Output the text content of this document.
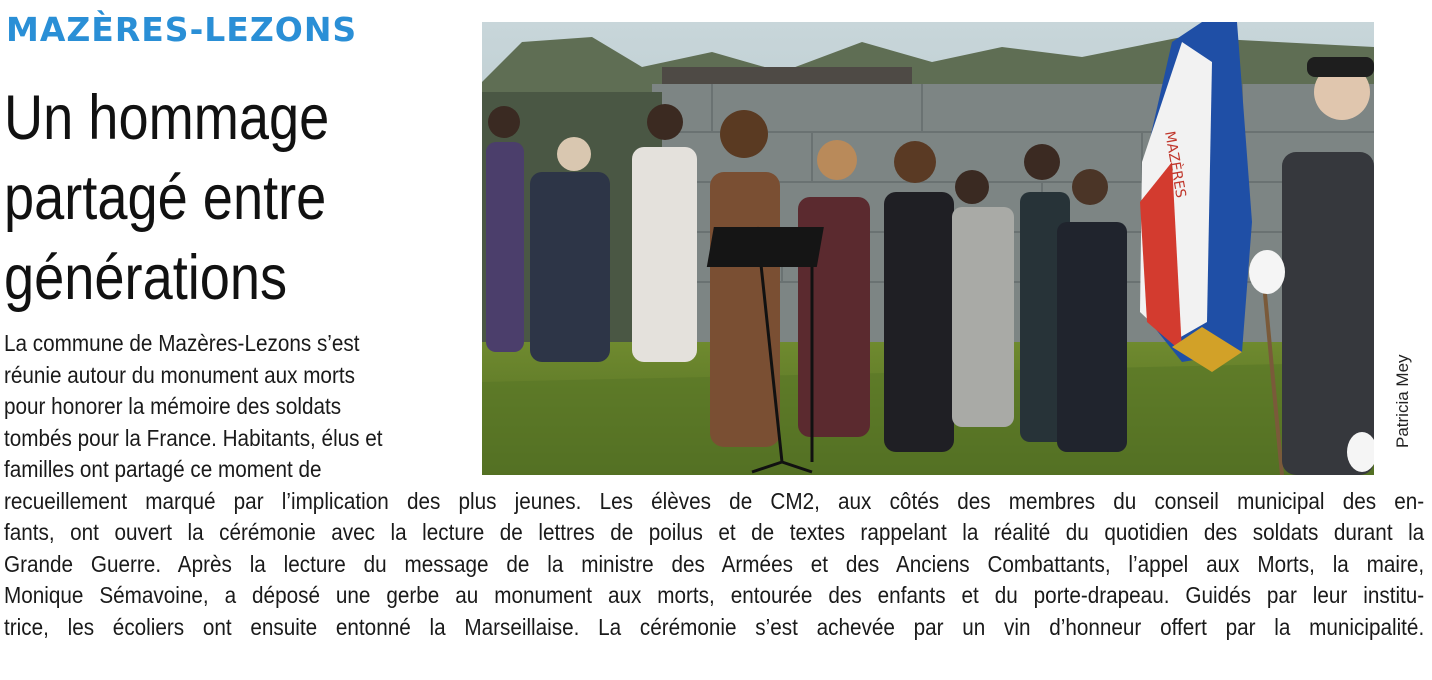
MAZÈRES-LEZONS
Un hommage
partagé entre
générations
MAZÈRES
Patricia Mey
La commune de Mazères-Lezons s’est
réunie autour du monument aux morts
pour honorer la mémoire des soldats
tombés pour la France. Habitants, élus et
familles ont partagé ce moment de
recueillement marqué par l’implication des plus jeunes. Les élèves de CM2, aux côtés des membres du conseil municipal des en-
fants, ont ouvert la cérémonie avec la lecture de lettres de poilus et de textes rappelant la réalité du quotidien des soldats durant la
Grande Guerre. Après la lecture du message de la ministre des Armées et des Anciens Combattants, l’appel aux Morts, la maire,
Monique Sémavoine, a déposé une gerbe au monument aux morts, entourée des enfants et du porte-drapeau. Guidés par leur institu-
trice, les écoliers ont ensuite entonné la Marseillaise. La cérémonie s’est achevée par un vin d’honneur offert par la municipalité.
